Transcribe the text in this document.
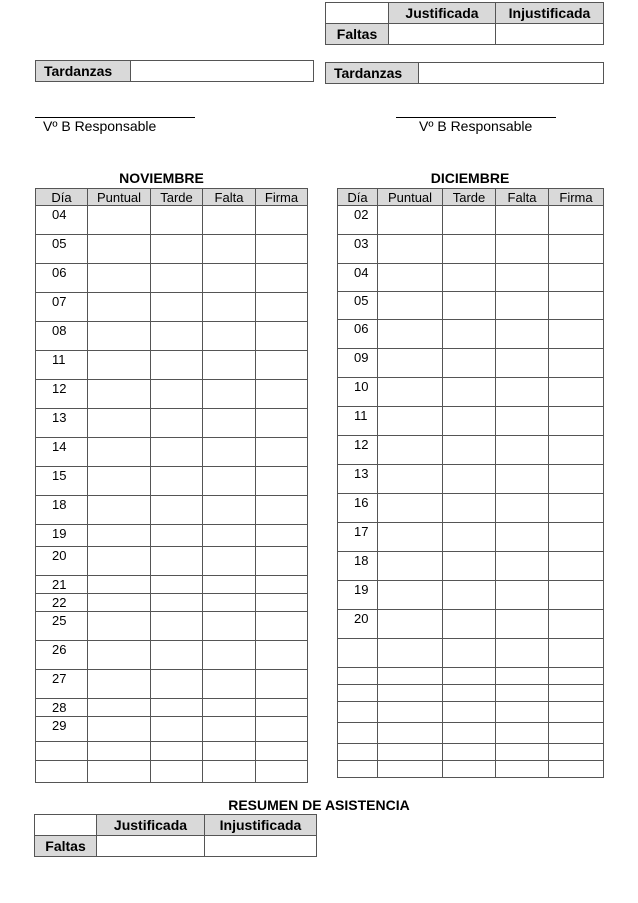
	Justificada	Injustificada
Faltas		
Tardanzas		Tardanzas	
Vº B Responsable	Vº B Responsable
NOVIEMBRE	DICIEMBRE
Día	Puntual	Tarde	Falta	Firma
04				
05				
06				
07				
08				
11				
12				
13				
14				
15				
18				
19				
20				
21				
22				
25				
26				
27				
28				
29				

Día	Puntual	Tarde	Falta	Firma
02				
03				
04				
05				
06				
09				
10				
11				
12				
13				
16				
17				
18				
19				
20				

RESUMEN DE ASISTENCIA
	Justificada	Injustificada
Faltas		
